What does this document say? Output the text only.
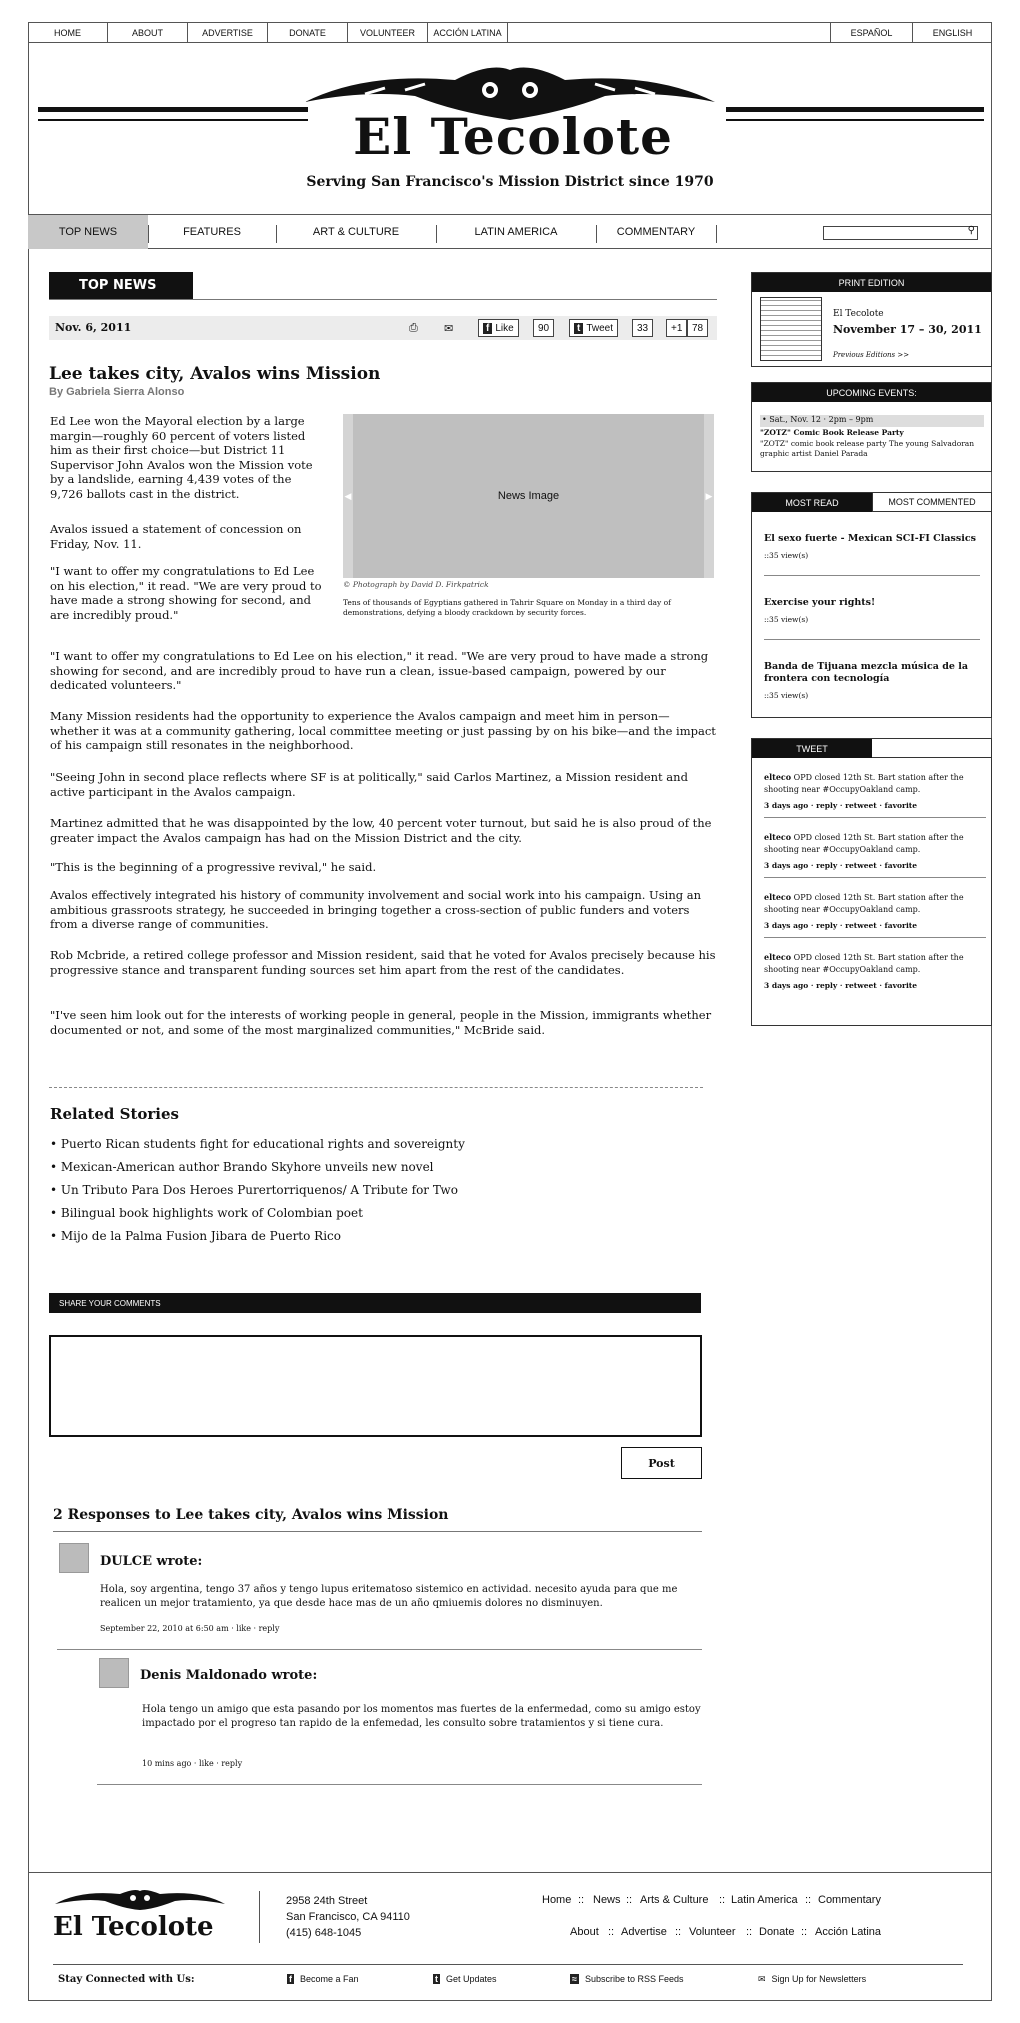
HOME	ABOUT	ADVERTISE	DONATE	VOLUNTEER	ACCIÓN LATINA	ESPAÑOL	ENGLISH
El Tecolote
Serving San Francisco's Mission District since 1970
TOP NEWS	FEATURES	ART & CULTURE	LATIN AMERICA	COMMENTARY	⚲
TOP NEWS
Nov. 6, 2011	⎙ ✉	f Like	90	t Tweet	33	+1 78
Lee takes city, Avalos wins Mission
By Gabriela Sierra Alonso
Ed Lee won the Mayoral election by a large margin—roughly 60 percent of voters listed him as their first choice—but District 11 Supervisor John Avalos won the Mission vote by a landslide, earning 4,439 votes of the 9,726 ballots cast in the district.
Avalos issued a statement of concession on Friday, Nov. 11.
"I want to offer my congratulations to Ed Lee on his election," it read. "We are very proud to have made a strong showing for second, and are incredibly proud."
◀	News Image	▶
© Photograph by David D. Firkpatrick
Tens of thousands of Egyptians gathered in Tahrir Square on Monday in a third day of demonstrations, defying a bloody crackdown by security forces.
"I want to offer my congratulations to Ed Lee on his election," it read. "We are very proud to have made a strong showing for second, and are incredibly proud to have run a clean, issue-based campaign, powered by our dedicated volunteers."
Many Mission residents had the opportunity to experience the Avalos campaign and meet him in person—whether it was at a community gathering, local committee meeting or just passing by on his bike—and the impact of his campaign still resonates in the neighborhood.
"Seeing John in second place reflects where SF is at politically," said Carlos Martinez, a Mission resident and active participant in the Avalos campaign.
Martinez admitted that he was disappointed by the low, 40 percent voter turnout, but said he is also proud of the greater impact the Avalos campaign has had on the Mission District and the city.
"This is the beginning of a progressive revival," he said.
Avalos effectively integrated his history of community involvement and social work into his campaign. Using an ambitious grassroots strategy, he succeeded in bringing together a cross-section of public funders and voters from a diverse range of communities.
Rob Mcbride, a retired college professor and Mission resident, said that he voted for Avalos precisely because his progressive stance and transparent funding sources set him apart from the rest of the candidates.
"I've seen him look out for the interests of working people in general, people in the Mission, immigrants whether documented or not, and some of the most marginalized communities," McBride said.
Related Stories
• Puerto Rican students fight for educational rights and sovereignty
• Mexican-American author Brando Skyhore unveils new novel
• Un Tributo Para Dos Heroes Purertorriquenos/ A Tribute for Two
• Bilingual book highlights work of Colombian poet
• Mijo de la Palma Fusion Jibara de Puerto Rico
SHARE YOUR COMMENTS
Post
2 Responses to Lee takes city, Avalos wins Mission
DULCE wrote:
Hola, soy argentina, tengo 37 años y tengo lupus eritematoso sistemico en actividad. necesito ayuda para que me realicen un mejor tratamiento, ya que desde hace mas de un año qmiuemis dolores no disminuyen.
September 22, 2010 at 6:50 am · like · reply
Denis Maldonado wrote:
Hola tengo un amigo que esta pasando por los momentos mas fuertes de la enfermedad, como su amigo estoy impactado por el progreso tan rapido de la enfemedad, les consulto sobre tratamientos y si tiene cura.
10 mins ago · like · reply
PRINT EDITION
El Tecolote
November 17 – 30, 2011
Previous Editions >>
UPCOMING EVENTS:
• Sat., Nov. 12 · 2pm – 9pm
"ZOTZ" Comic Book Release Party
"ZOTZ" comic book release party The young Salvadoran graphic artist Daniel Parada
MOST READ	MOST COMMENTED
El sexo fuerte - Mexican SCI-FI Classics
::35 view(s)
Exercise your rights!
::35 view(s)
Banda de Tijuana mezcla música de la frontera con tecnología
::35 view(s)
TWEET
elteco OPD closed 12th St. Bart station after the shooting near #OccupyOakland camp.
3 days ago · reply · retweet · favorite
elteco OPD closed 12th St. Bart station after the shooting near #OccupyOakland camp.
3 days ago · reply · retweet · favorite
elteco OPD closed 12th St. Bart station after the shooting near #OccupyOakland camp.
3 days ago · reply · retweet · favorite
elteco OPD closed 12th St. Bart station after the shooting near #OccupyOakland camp.
3 days ago · reply · retweet · favorite
El Tecolote
2958 24th Street
San Francisco, CA 94110
(415) 648-1045
Home :: News :: Arts & Culture :: Latin America :: Commentary
About :: Advertise :: Volunteer :: Donate :: Acción Latina
Stay Connected with Us:	f Become a Fan	t Get Updates	≈ Subscribe to RSS Feeds	✉ Sign Up for Newsletters
